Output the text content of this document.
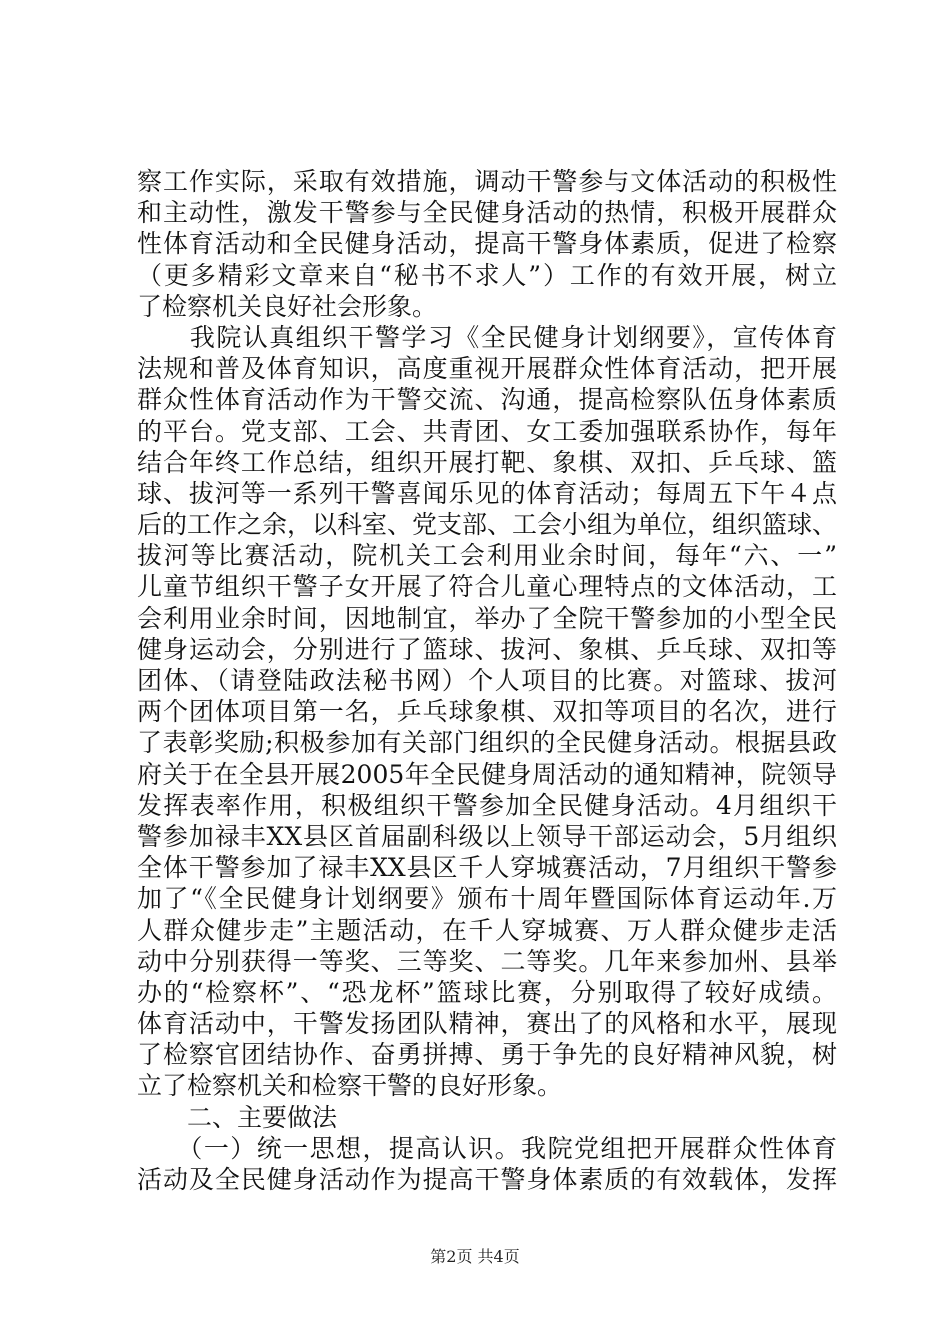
察工作实际，采取有效措施，调动干警参与文体活动的积极性
和主动性，激发干警参与全民健身活动的热情，积极开展群众
性体育活动和全民健身活动，提高干警身体素质，促进了检察
（更多精彩文章来自“秘书不求人”）工作的有效开展，树立
了检察机关良好社会形象。
　　我院认真组织干警学习《全民健身计划纲要》，宣传体育
法规和普及体育知识，高度重视开展群众性体育活动，把开展
群众性体育活动作为干警交流、沟通，提高检察队伍身体素质
的平台。党支部、工会、共青团、女工委加强联系协作，每年
结合年终工作总结，组织开展打靶、象棋、双扣、乒乓球、篮
球、拔河等一系列干警喜闻乐见的体育活动；每周五下午４点
后的工作之余，以科室、党支部、工会小组为单位，组织篮球、
拔河等比赛活动，院机关工会利用业余时间，每年“六、一”
儿童节组织干警子女开展了符合儿童心理特点的文体活动，工
会利用业余时间，因地制宜，举办了全院干警参加的小型全民
健身运动会，分别进行了篮球、拔河、象棋、乒乓球、双扣等
团体、（请登陆政法秘书网）个人项目的比赛。对篮球、拔河
两个团体项目第一名，乒乓球象棋、双扣等项目的名次，进行
了表彰奖励;积极参加有关部门组织的全民健身活动。根据县政
府关于在全县开展2005年全民健身周活动的通知精神，院领导
发挥表率作用，积极组织干警参加全民健身活动。4月组织干
警参加禄丰XX县区首届副科级以上领导干部运动会，5月组织
全体干警参加了禄丰XX县区千人穿城赛活动，7月组织干警参
加了“《全民健身计划纲要》颁布十周年暨国际体育运动年.万
人群众健步走”主题活动，在千人穿城赛、万人群众健步走活
动中分别获得一等奖、三等奖、二等奖。几年来参加州、县举
办的“检察杯”、“恐龙杯”篮球比赛，分别取得了较好成绩。
体育活动中，干警发扬团队精神，赛出了的风格和水平，展现
了检察官团结协作、奋勇拼搏、勇于争先的良好精神风貌，树
立了检察机关和检察干警的良好形象。
　　二、主要做法
　　（一）统一思想，提高认识。我院党组把开展群众性体育
活动及全民健身活动作为提高干警身体素质的有效载体，发挥
第2页 共4页
